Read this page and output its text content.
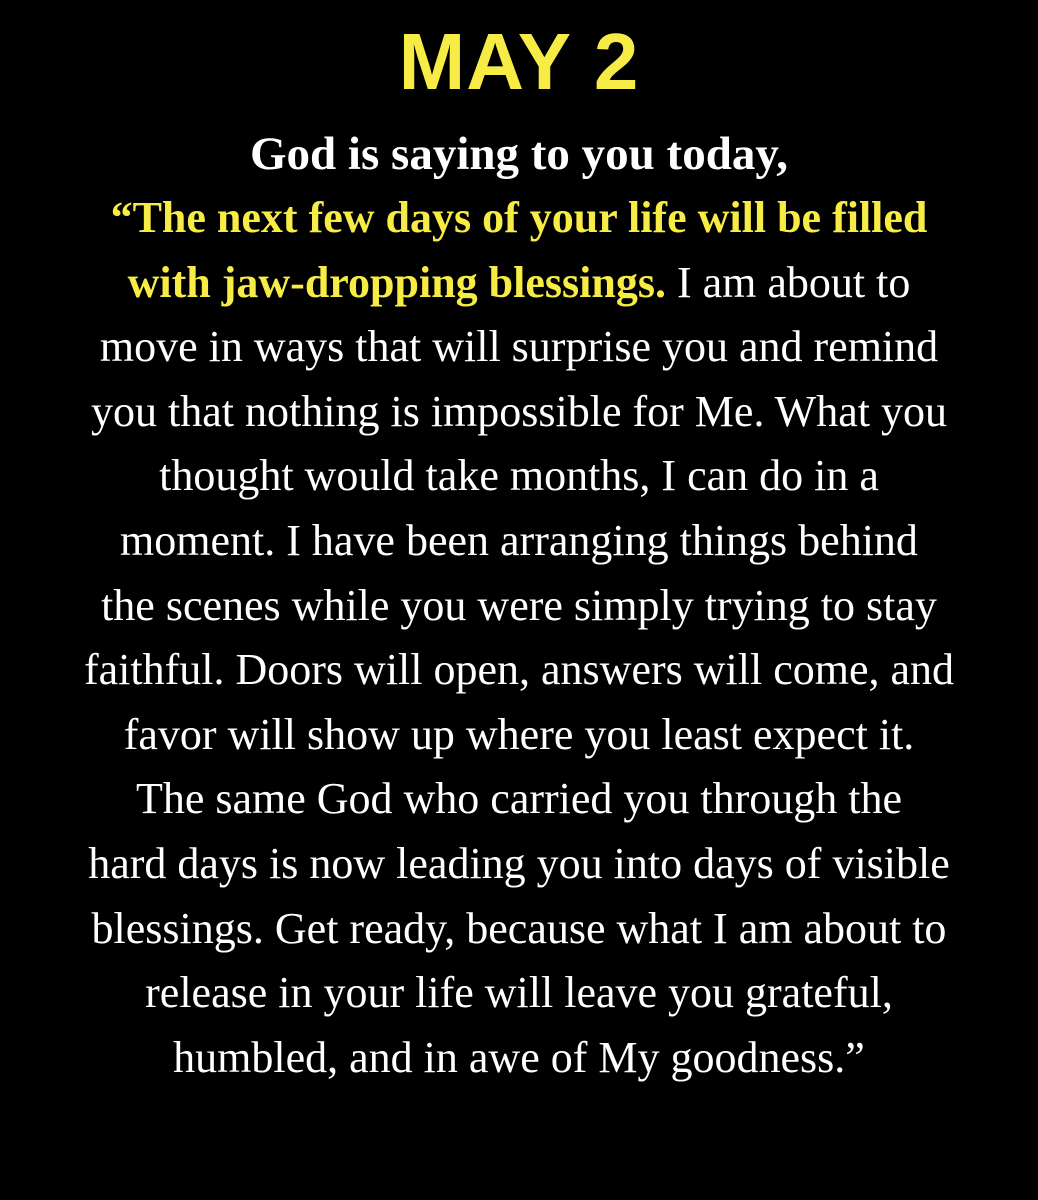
MAY 2
God is saying to you today,

“The next few days of your life will be filled
with jaw-dropping blessings. I am about to
move in ways that will surprise you and remind
you that nothing is impossible for Me. What you
thought would take months, I can do in a
moment. I have been arranging things behind
the scenes while you were simply trying to stay
faithful. Doors will open, answers will come, and
favor will show up where you least expect it.
The same God who carried you through the
hard days is now leading you into days of visible
blessings. Get ready, because what I am about to
release in your life will leave you grateful,
humbled, and in awe of My goodness.”
